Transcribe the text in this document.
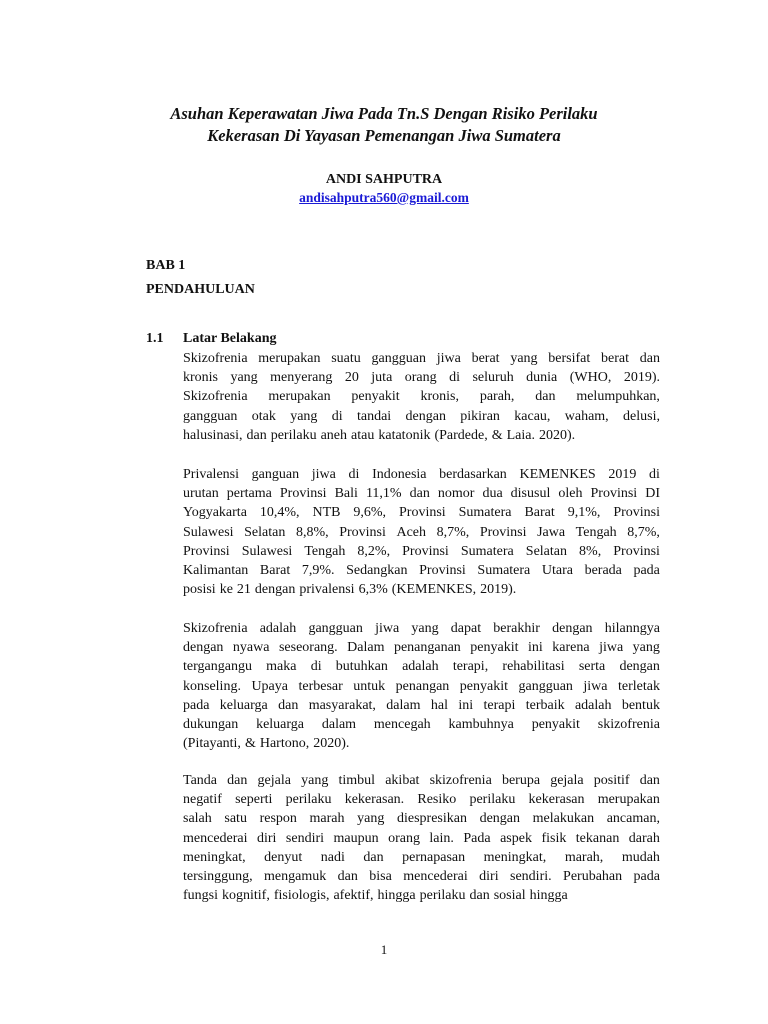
Asuhan Keperawatan Jiwa Pada Tn.S Dengan Risiko Perilaku
Kekerasan Di Yayasan Pemenangan Jiwa Sumatera
ANDI SAHPUTRA
andisahputra560@gmail.com
BAB 1
PENDAHULUAN
1.1 Latar Belakang
Skizofrenia merupakan suatu gangguan jiwa berat yang bersifat berat dan
kronis yang menyerang 20 juta orang di seluruh dunia (WHO, 2019).
Skizofrenia merupakan penyakit kronis, parah, dan melumpuhkan,
gangguan otak yang di tandai dengan pikiran kacau, waham, delusi,
halusinasi, dan perilaku aneh atau katatonik (Pardede, & Laia. 2020).
Privalensi ganguan jiwa di Indonesia berdasarkan KEMENKES 2019 di
urutan pertama Provinsi Bali 11,1% dan nomor dua disusul oleh Provinsi DI
Yogyakarta 10,4%, NTB 9,6%, Provinsi Sumatera Barat 9,1%, Provinsi
Sulawesi Selatan 8,8%, Provinsi Aceh 8,7%, Provinsi Jawa Tengah 8,7%,
Provinsi Sulawesi Tengah 8,2%, Provinsi Sumatera Selatan 8%, Provinsi
Kalimantan Barat 7,9%. Sedangkan Provinsi Sumatera Utara berada pada
posisi ke 21 dengan privalensi 6,3% (KEMENKES, 2019).
Skizofrenia adalah gangguan jiwa yang dapat berakhir dengan hilanngya
dengan nyawa seseorang. Dalam penanganan penyakit ini karena jiwa yang
tergangangu maka di butuhkan adalah terapi, rehabilitasi serta dengan
konseling. Upaya terbesar untuk penangan penyakit gangguan jiwa terletak
pada keluarga dan masyarakat, dalam hal ini terapi terbaik adalah bentuk
dukungan keluarga dalam mencegah kambuhnya penyakit skizofrenia
(Pitayanti, & Hartono, 2020).
Tanda dan gejala yang timbul akibat skizofrenia berupa gejala positif dan
negatif seperti perilaku kekerasan. Resiko perilaku kekerasan merupakan
salah satu respon marah yang diespresikan dengan melakukan ancaman,
mencederai diri sendiri maupun orang lain. Pada aspek fisik tekanan darah
meningkat, denyut nadi dan pernapasan meningkat, marah, mudah
tersinggung, mengamuk dan bisa mencederai diri sendiri. Perubahan pada
fungsi kognitif, fisiologis, afektif, hingga perilaku dan sosial hingga
1
